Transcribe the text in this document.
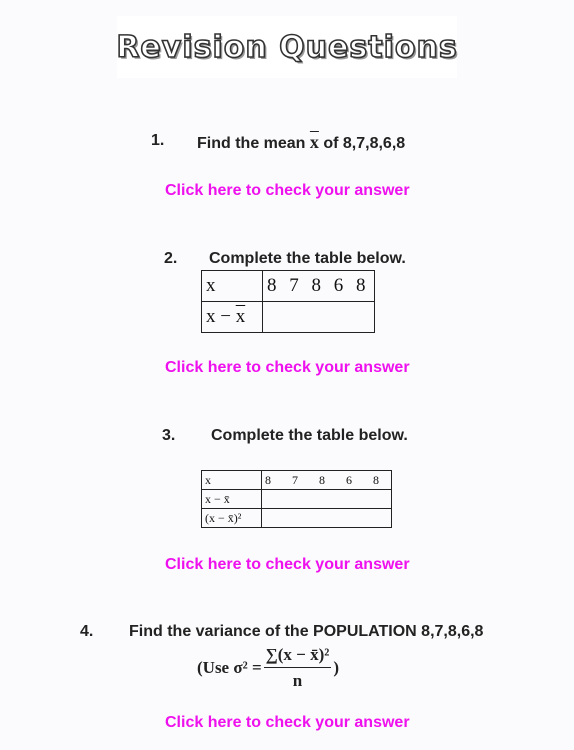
Revision Questions
1. Find the mean $\overline{x}$ of 8,7,8,6,8
Click here to check your answer
2. Complete the table below.
x	8 7 8 6 8
$x - \overline{x}$	
Click here to check your answer
3. Complete the table below.
x	8 7 8 6 8
x − x̄	
(x − x̄)²	
Click here to check your answer
4. Find the variance of the POPULATION 8,7,8,6,8
(Use $\sigma^2 = \frac{\text{∑(x − x̄)²}}{n}$ )
Click here to check your answer
